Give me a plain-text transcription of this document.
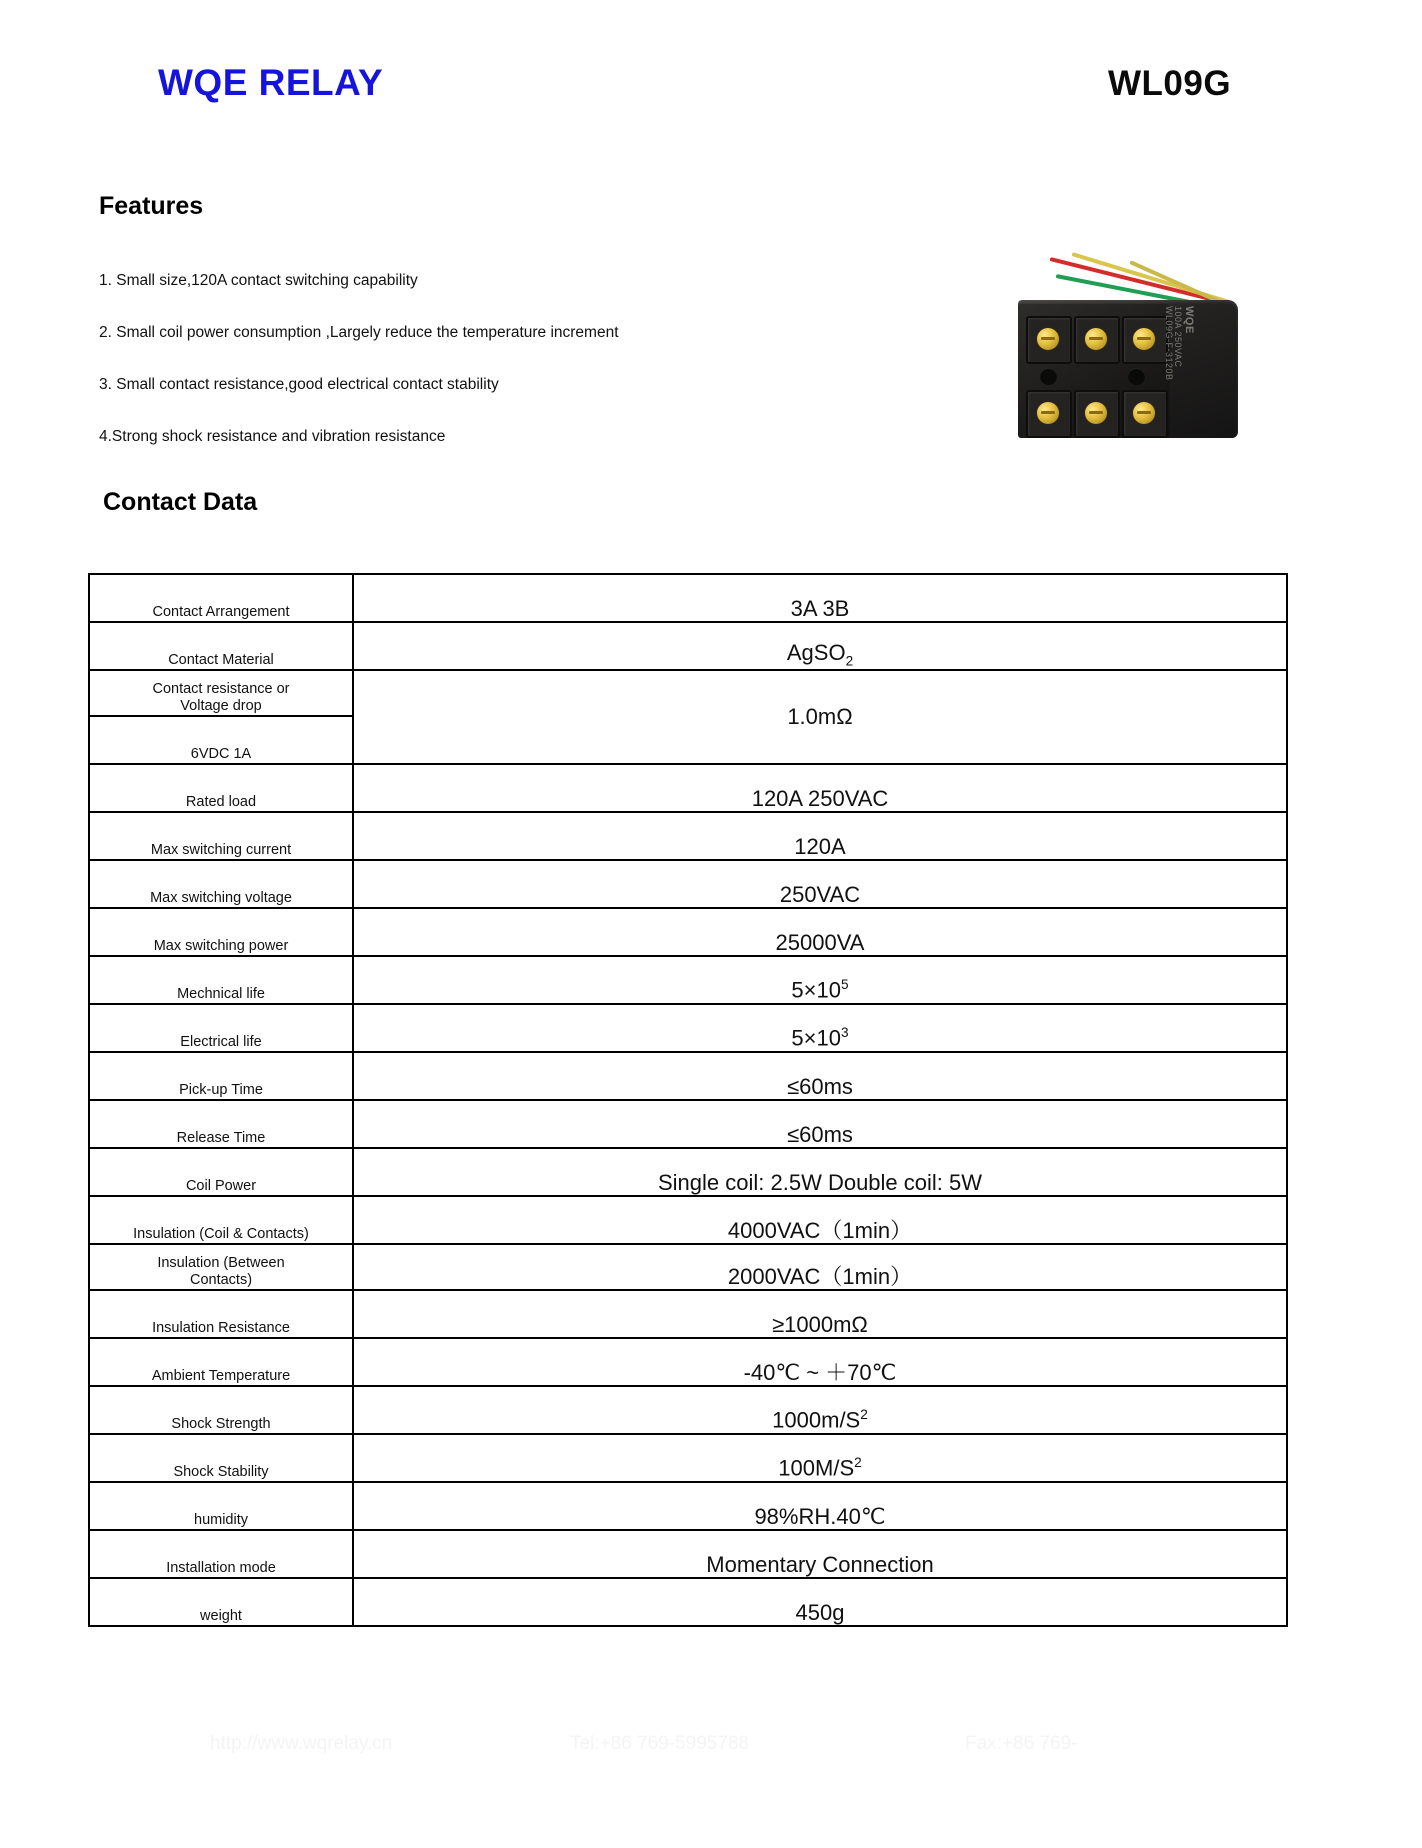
WQE RELAY	WL09G
Features
1. Small size,120A contact switching capability
2. Small coil power consumption ,Largely reduce the temperature increment
3. Small contact resistance,good electrical contact stability
4.Strong shock resistance and vibration resistance
WQE
100A 250VAC
WL09G-F-3120B
Contact Data
Contact Arrangement	3A 3B
Contact Material	AgSO$_2$
Contact resistance or
Voltage drop	1.0mΩ
6VDC 1A	
Rated load	120A 250VAC
Max switching current	120A
Max switching voltage	250VAC
Max switching power	25000VA
Mechnical life	$5\times 10^5$
Electrical life	$5\times 10^3$
Pick-up Time	≤60ms
Release Time	≤60ms
Coil Power	Single coil: 2.5W Double coil: 5W
Insulation (Coil & Contacts)	4000VAC（1min）
Insulation (Between
Contacts)	2000VAC（1min）
Insulation Resistance	≥1000mΩ
Ambient Temperature	-40℃ ~ ＋70℃
Shock Strength	$1000m/S^2$
Shock Stability	$100M/S^2$
humidity	98%RH.40℃
Installation mode	Momentary Connection
weight	450g
http://www.wqrelay.cn	Tel:+86 769-5995788	Fax:+86 769-
